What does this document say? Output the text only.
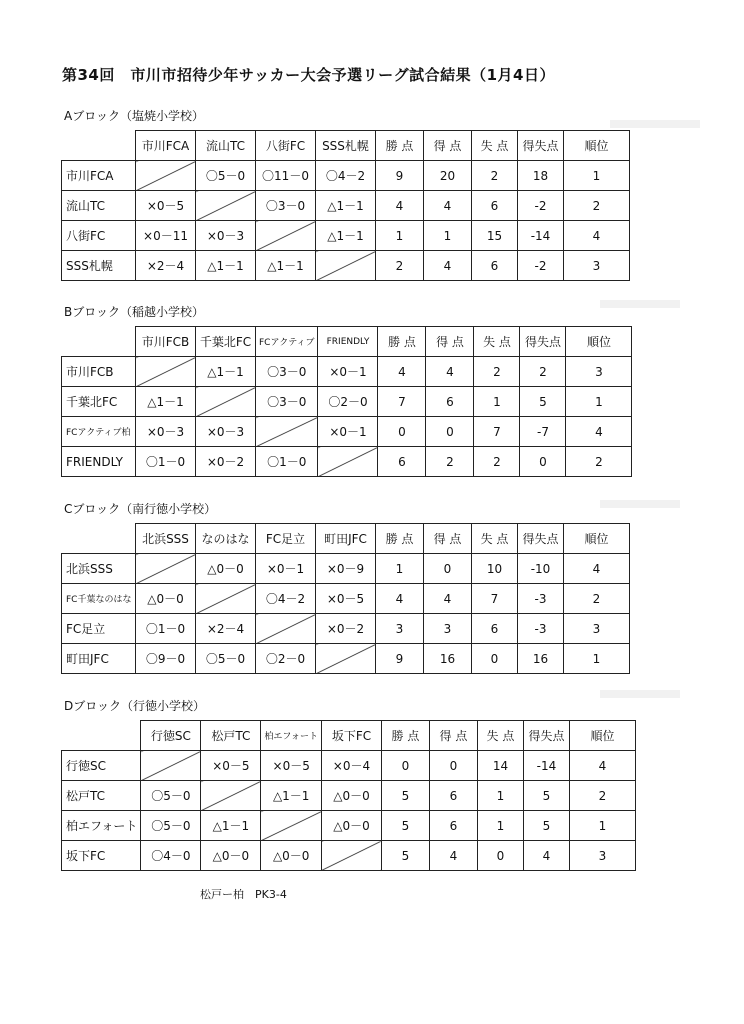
第34回　市川市招待少年サッカー大会予選リーグ試合結果（1月4日）
Aブロック（塩焼小学校）
	市川FCA	流山TC	八街FC	SSS札幌	勝 点	得 点	失 点	得失点	順位
市川FCA		〇5－0	〇11－0	〇4－2	9	20	2	18	1
流山TC	×0－5		〇3－0	△1－1	4	4	6	-2	2
八街FC	×0－11	×0－3		△1－1	1	1	15	-14	4
SSS札幌	×2－4	△1－1	△1－1		2	4	6	-2	3
Bブロック（稲越小学校）
	市川FCB	千葉北FC	FCアクティブ	FRIENDLY	勝 点	得 点	失 点	得失点	順位
市川FCB		△1－1	〇3－0	×0－1	4	4	2	2	3
千葉北FC	△1－1		〇3－0	〇2－0	7	6	1	5	1
FCアクティブ柏	×0－3	×0－3		×0－1	0	0	7	-7	4
FRIENDLY	〇1－0	×0－2	〇1－0		6	2	2	0	2
Cブロック（南行徳小学校）
	北浜SSS	なのはな	FC足立	町田JFC	勝 点	得 点	失 点	得失点	順位
北浜SSS		△0－0	×0－1	×0－9	1	0	10	-10	4
FC千葉なのはな	△0－0		〇4－2	×0－5	4	4	7	-3	2
FC足立	〇1－0	×2－4		×0－2	3	3	6	-3	3
町田JFC	〇9－0	〇5－0	〇2－0		9	16	0	16	1
Dブロック（行徳小学校）
	行徳SC	松戸TC	柏エフォート	坂下FC	勝 点	得 点	失 点	得失点	順位
行徳SC		×0－5	×0－5	×0－4	0	0	14	-14	4
松戸TC	〇5－0		△1－1	△0－0	5	6	1	5	2
柏エフォート	〇5－0	△1－1		△0－0	5	6	1	5	1
坂下FC	〇4－0	△0－0	△0－0		5	4	0	4	3
松戸ー柏　PK3-4
